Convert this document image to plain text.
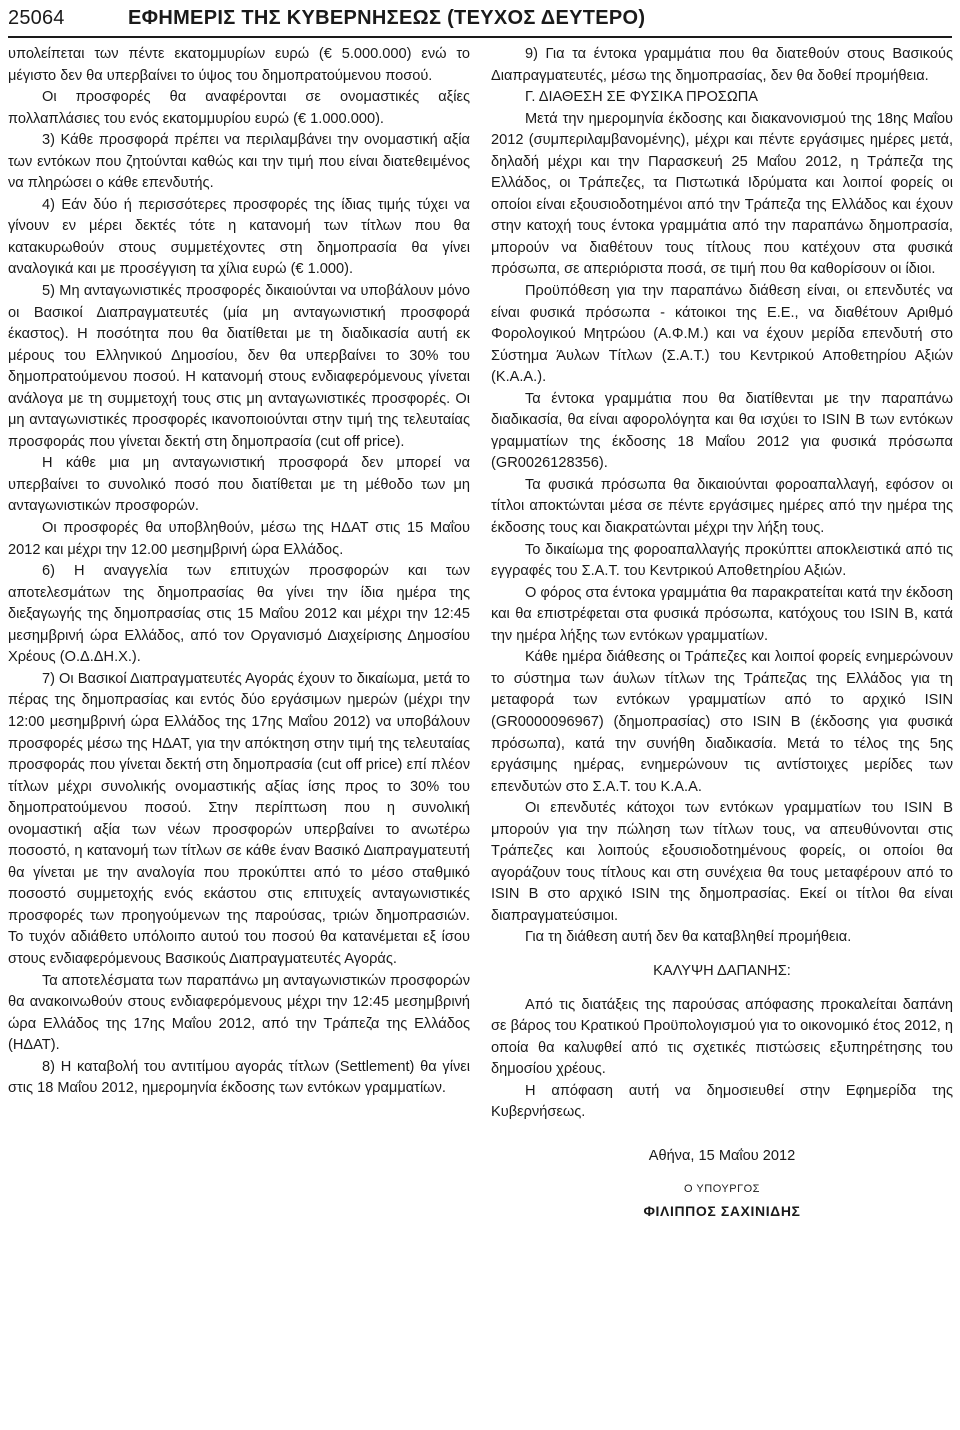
25064	ΕΦΗΜΕΡΙΣ ΤΗΣ ΚΥΒΕΡΝΗΣΕΩΣ (ΤΕΥΧΟΣ ΔΕΥΤΕΡΟ)

υπολείπεται των πέντε εκατομμυρίων ευρώ (€ 5.000.000) ενώ το μέγιστο δεν θα υπερβαίνει το ύψος του δημοπρατούμενου ποσού.

Οι προσφορές θα αναφέρονται σε ονομαστικές αξίες πολλαπλάσιες του ενός εκατομμυρίου ευρώ (€ 1.000.000).

3) Κάθε προσφορά πρέπει να περιλαμβάνει την ονομαστική αξία των εντόκων που ζητούνται καθώς και την τιμή που είναι διατεθειμένος να πληρώσει ο κάθε επενδυτής.

4) Εάν δύο ή περισσότερες προσφορές της ίδιας τιμής τύχει να γίνουν εν μέρει δεκτές τότε η κατανομή των τίτλων που θα κατακυρωθούν στους συμμετέχοντες στη δημοπρασία θα γίνει αναλογικά και με προσέγγιση τα χίλια ευρώ (€ 1.000).

5) Μη ανταγωνιστικές προσφορές δικαιούνται να υποβάλουν μόνο οι Βασικοί Διαπραγματευτές (μία μη ανταγωνιστική προσφορά έκαστος). Η ποσότητα που θα διατίθεται με τη διαδικασία αυτή εκ μέρους του Ελληνικού Δημοσίου, δεν θα υπερβαίνει το 30% του δημοπρατούμενου ποσού. Η κατανομή στους ενδιαφερόμενους γίνεται ανάλογα με τη συμμετοχή τους στις μη ανταγωνιστικές προσφορές. Οι μη ανταγωνιστικές προσφορές ικανοποιούνται στην τιμή της τελευταίας προσφοράς που γίνεται δεκτή στη δημοπρασία (cut off price).

Η κάθε μια μη ανταγωνιστική προσφορά δεν μπορεί να υπερβαίνει το συνολικό ποσό που διατίθεται με τη μέθοδο των μη ανταγωνιστικών προσφορών.

Οι προσφορές θα υποβληθούν, μέσω της ΗΔΑΤ στις 15 Μαΐου 2012 και μέχρι την 12.00 μεσημβρινή ώρα Ελλάδος.

6) Η αναγγελία των επιτυχών προσφορών και των αποτελεσμάτων της δημοπρασίας θα γίνει την ίδια ημέρα της διεξαγωγής της δημοπρασίας στις 15 Μαΐου 2012 και μέχρι την 12:45 μεσημβρινή ώρα Ελλάδος, από τον Οργανισμό Διαχείρισης Δημοσίου Χρέους (Ο.Δ.ΔΗ.Χ.).

7) Οι Βασικοί Διαπραγματευτές Αγοράς έχουν το δικαίωμα, μετά το πέρας της δημοπρασίας και εντός δύο εργάσιμων ημερών (μέχρι την 12:00 μεσημβρινή ώρα Ελλάδος της 17ης Μαΐου 2012) να υποβάλουν προσφορές μέσω της ΗΔΑΤ, για την απόκτηση στην τιμή της τελευταίας προσφοράς που γίνεται δεκτή στη δημοπρασία (cut off price) επί πλέον τίτλων μέχρι συνολικής ονομαστικής αξίας ίσης προς το 30% του δημοπρατούμενου ποσού. Στην περίπτωση που η συνολική ονομαστική αξία των νέων προσφορών υπερβαίνει το ανωτέρω ποσοστό, η κατανομή των τίτλων σε κάθε έναν Βασικό Διαπραγματευτή θα γίνεται με την αναλογία που προκύπτει από το μέσο σταθμικό ποσοστό συμμετοχής ενός εκάστου στις επιτυχείς ανταγωνιστικές προσφορές των προηγούμενων της παρούσας, τριών δημοπρασιών. Το τυχόν αδιάθετο υπόλοιπο αυτού του ποσού θα κατανέμεται εξ ίσου στους ενδιαφερόμενους Βασικούς Διαπραγματευτές Αγοράς.

Τα αποτελέσματα των παραπάνω μη ανταγωνιστικών προσφορών θα ανακοινωθούν στους ενδιαφερόμενους μέχρι την 12:45 μεσημβρινή ώρα Ελλάδος της 17ης Μαΐου 2012, από την Τράπεζα της Ελλάδος (ΗΔΑΤ).

8) Η καταβολή του αντιτίμου αγοράς τίτλων (Settlement) θα γίνει στις 18 Μαΐου 2012, ημερομηνία έκδοσης των εντόκων γραμματίων.

9) Για τα έντοκα γραμμάτια που θα διατεθούν στους Βασικούς Διαπραγματευτές, μέσω της δημοπρασίας, δεν θα δοθεί προμήθεια.

Γ. ΔΙΑΘΕΣΗ ΣΕ ΦΥΣΙΚΑ ΠΡΟΣΩΠΑ

Μετά την ημερομηνία έκδοσης και διακανονισμού της 18ης Μαΐου 2012 (συμπεριλαμβανομένης), μέχρι και πέντε εργάσιμες ημέρες μετά, δηλαδή μέχρι και την Παρασκευή 25 Μαΐου 2012, η Τράπεζα της Ελλάδος, οι Τράπεζες, τα Πιστωτικά Ιδρύματα και λοιποί φορείς οι οποίοι είναι εξουσιοδοτημένοι από την Τράπεζα της Ελλάδος και έχουν στην κατοχή τους έντοκα γραμμάτια από την παραπάνω δημοπρασία, μπορούν να διαθέτουν τους τίτλους που κατέχουν στα φυσικά πρόσωπα, σε απεριόριστα ποσά, σε τιμή που θα καθορίσουν οι ίδιοι.

Προϋπόθεση για την παραπάνω διάθεση είναι, οι επενδυτές να είναι φυσικά πρόσωπα - κάτοικοι της Ε.Ε., να διαθέτουν Αριθμό Φορολογικού Μητρώου (Α.Φ.Μ.) και να έχουν μερίδα επενδυτή στο Σύστημα Άυλων Τίτλων (Σ.Α.Τ.) του Κεντρικού Αποθετηρίου Αξιών (Κ.Α.Α.).

Τα έντοκα γραμμάτια που θα διατίθενται με την παραπάνω διαδικασία, θα είναι αφορολόγητα και θα ισχύει το ISIN B των εντόκων γραμματίων της έκδοσης 18 Μαΐου 2012 για φυσικά πρόσωπα (GR0026128356).

Τα φυσικά πρόσωπα θα δικαιούνται φοροαπαλλαγή, εφόσον οι τίτλοι αποκτώνται μέσα σε πέντε εργάσιμες ημέρες από την ημέρα της έκδοσης τους και διακρατώνται μέχρι την λήξη τους.

Το δικαίωμα της φοροαπαλλαγής προκύπτει αποκλειστικά από τις εγγραφές του Σ.Α.Τ. του Κεντρικού Αποθετηρίου Αξιών.

Ο φόρος στα έντοκα γραμμάτια θα παρακρατείται κατά την έκδοση και θα επιστρέφεται στα φυσικά πρόσωπα, κατόχους του ISIN B, κατά την ημέρα λήξης των εντόκων γραμματίων.

Κάθε ημέρα διάθεσης οι Τράπεζες και λοιποί φορείς ενημερώνουν το σύστημα των άυλων τίτλων της Τράπεζας της Ελλάδος για τη μεταφορά των εντόκων γραμματίων από το αρχικό ISIN (GR0000096967) (δημοπρασίας) στο ISIN B (έκδοσης για φυσικά πρόσωπα), κατά την συνήθη διαδικασία. Μετά το τέλος της 5ης εργάσιμης ημέρας, ενημερώνουν τις αντίστοιχες μερίδες των επενδυτών στο Σ.Α.Τ. του Κ.Α.Α.

Οι επενδυτές κάτοχοι των εντόκων γραμματίων του ISIN B μπορούν για την πώληση των τίτλων τους, να απευθύνονται στις Τράπεζες και λοιπούς εξουσιοδοτημένους φορείς, οι οποίοι θα αγοράζουν τους τίτλους και στη συνέχεια θα τους μεταφέρουν από το ISIN B στο αρχικό ISIN της δημοπρασίας. Εκεί οι τίτλοι θα είναι διαπραγματεύσιμοι.

Για τη διάθεση αυτή δεν θα καταβληθεί προμήθεια.

ΚΑΛΥΨΗ ΔΑΠΑΝΗΣ:

Από τις διατάξεις της παρούσας απόφασης προκαλείται δαπάνη σε βάρος του Κρατικού Προϋπολογισμού για το οικονομικό έτος 2012, η οποία θα καλυφθεί από τις σχετικές πιστώσεις εξυπηρέτησης του δημοσίου χρέους.

Η απόφαση αυτή να δημοσιευθεί στην Εφημερίδα της Κυβερνήσεως.

Αθήνα, 15 Μαΐου 2012

Ο ΥΠΟΥΡΓΟΣ

ΦΙΛΙΠΠΟΣ ΣΑΧΙΝΙΔΗΣ
